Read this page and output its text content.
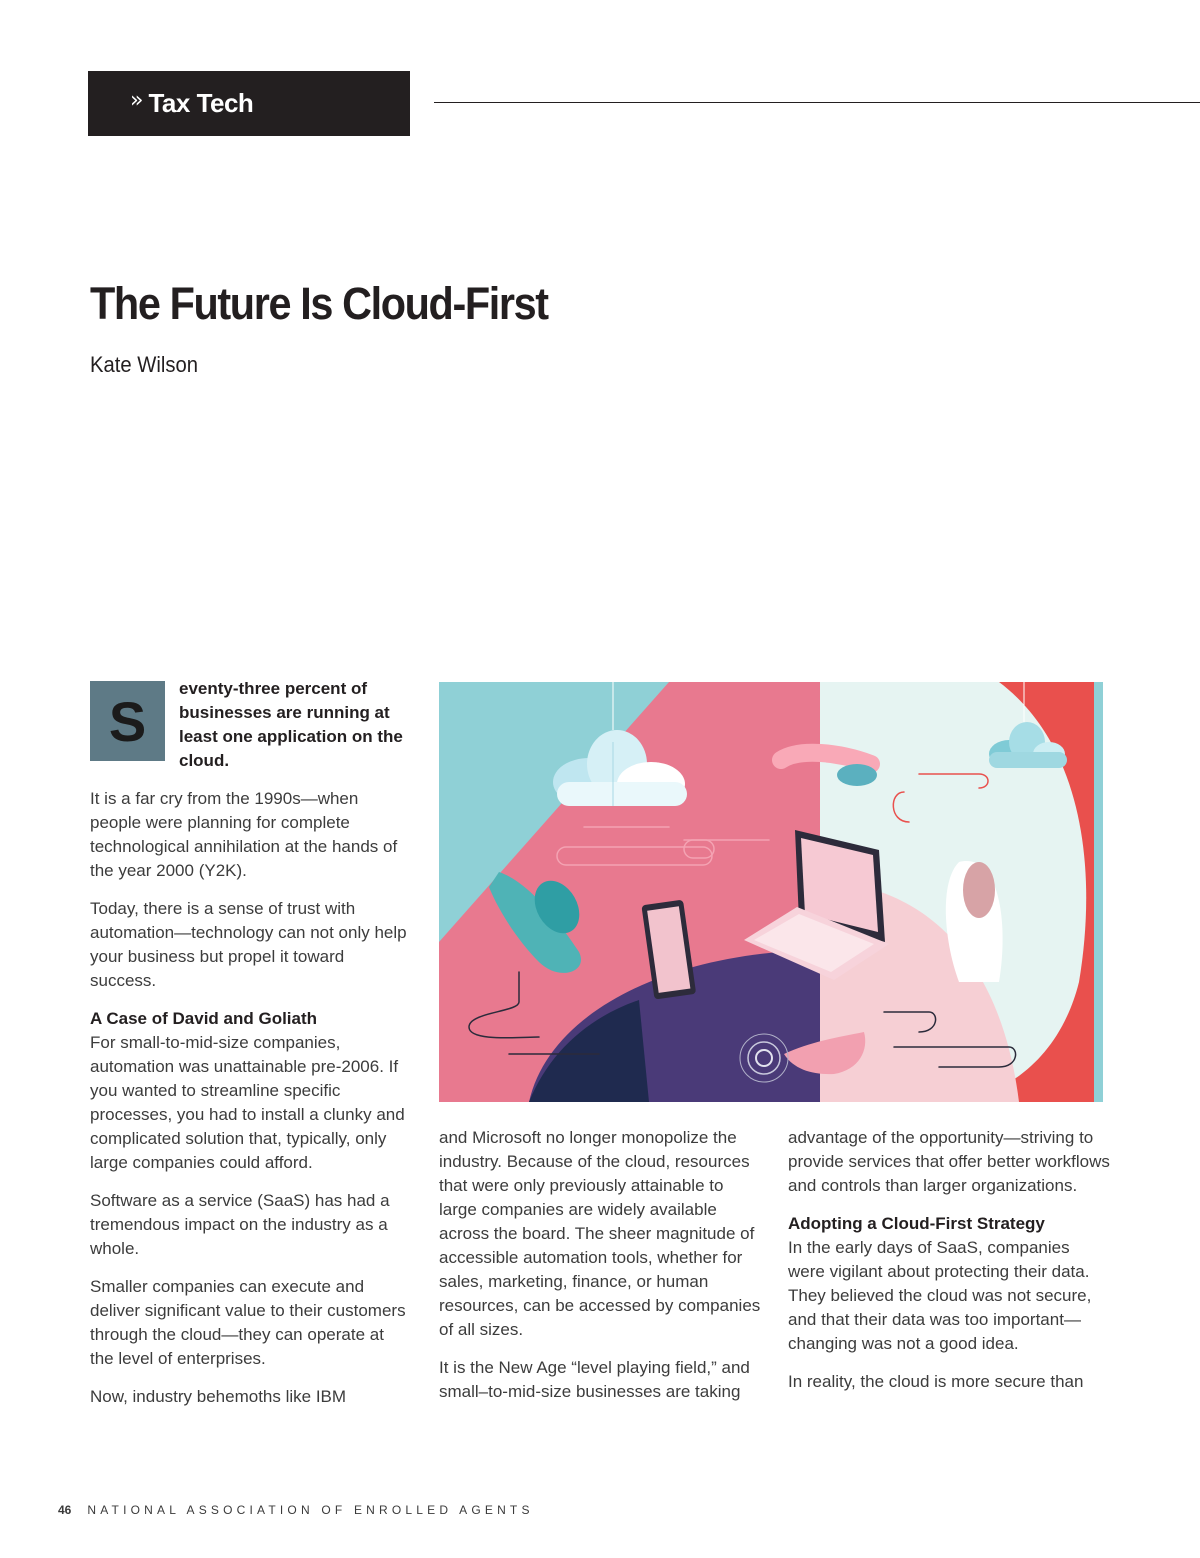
» Tax Tech
The Future Is Cloud-First
Kate Wilson
S
eventy-three percent of businesses are running at least one application on the cloud.

It is a far cry from the 1990s—when people were planning for complete technological annihilation at the hands of the year 2000 (Y2K).

Today, there is a sense of trust with automation—technology can not only help your business but propel it toward success.

A Case of David and Goliath

For small-to-mid-size companies, automation was unattainable pre-2006. If you wanted to streamline specific processes, you had to install a clunky and complicated solution that, typically, only large companies could afford.

Software as a service (SaaS) has had a tremendous impact on the industry as a whole.

Smaller companies can execute and deliver significant value to their customers through the cloud—they can operate at the level of enterprises.

Now, industry behemoths like IBM

and Microsoft no longer monopolize the industry. Because of the cloud, resources that were only previously attainable to large companies are widely available across the board. The sheer magnitude of accessible automation tools, whether for sales, marketing, finance, or human resources, can be accessed by companies of all sizes.

It is the New Age “level playing field,” and small–to-mid-size businesses are taking

advantage of the opportunity—striving to provide services that offer better workflows and controls than larger organizations.

Adopting a Cloud-First Strategy

In the early days of SaaS, companies were vigilant about protecting their data. They believed the cloud was not secure, and that their data was too important—changing was not a good idea.

In reality, the cloud is more secure than

46 NATIONAL ASSOCIATION OF ENROLLED AGENTS
